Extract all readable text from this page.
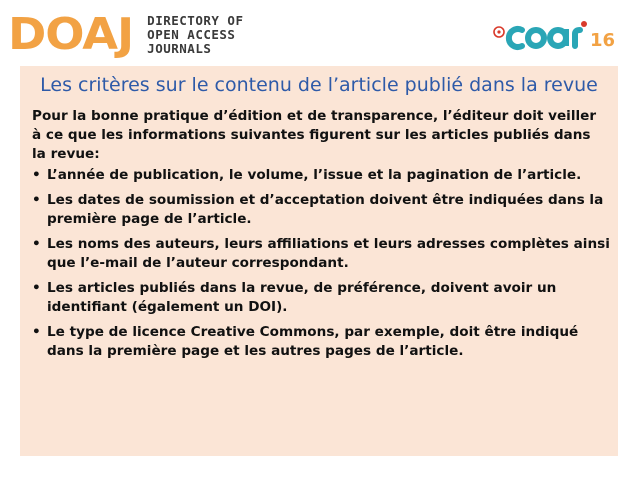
DOAJ DIRECTORY OF
OPEN ACCESS
JOURNALS	16
Les critères sur le contenu de l’article publié dans la revue
Pour la bonne pratique d’édition et de transparence, l’éditeur doit veiller à ce que les informations suivantes figurent sur les articles publiés dans la revue:
• L’année de publication, le volume, l’issue et la pagination de l’article.
• Les dates de soumission et d’acceptation doivent être indiquées dans la première page de l’article.
• Les noms des auteurs, leurs affiliations et leurs adresses complètes ainsi que l’e-mail de l’auteur correspondant.
• Les articles publiés dans la revue, de préférence, doivent avoir un identifiant (également un DOI).
• Le type de licence Creative Commons, par exemple, doit être indiqué dans la première page et les autres pages de l’article.
